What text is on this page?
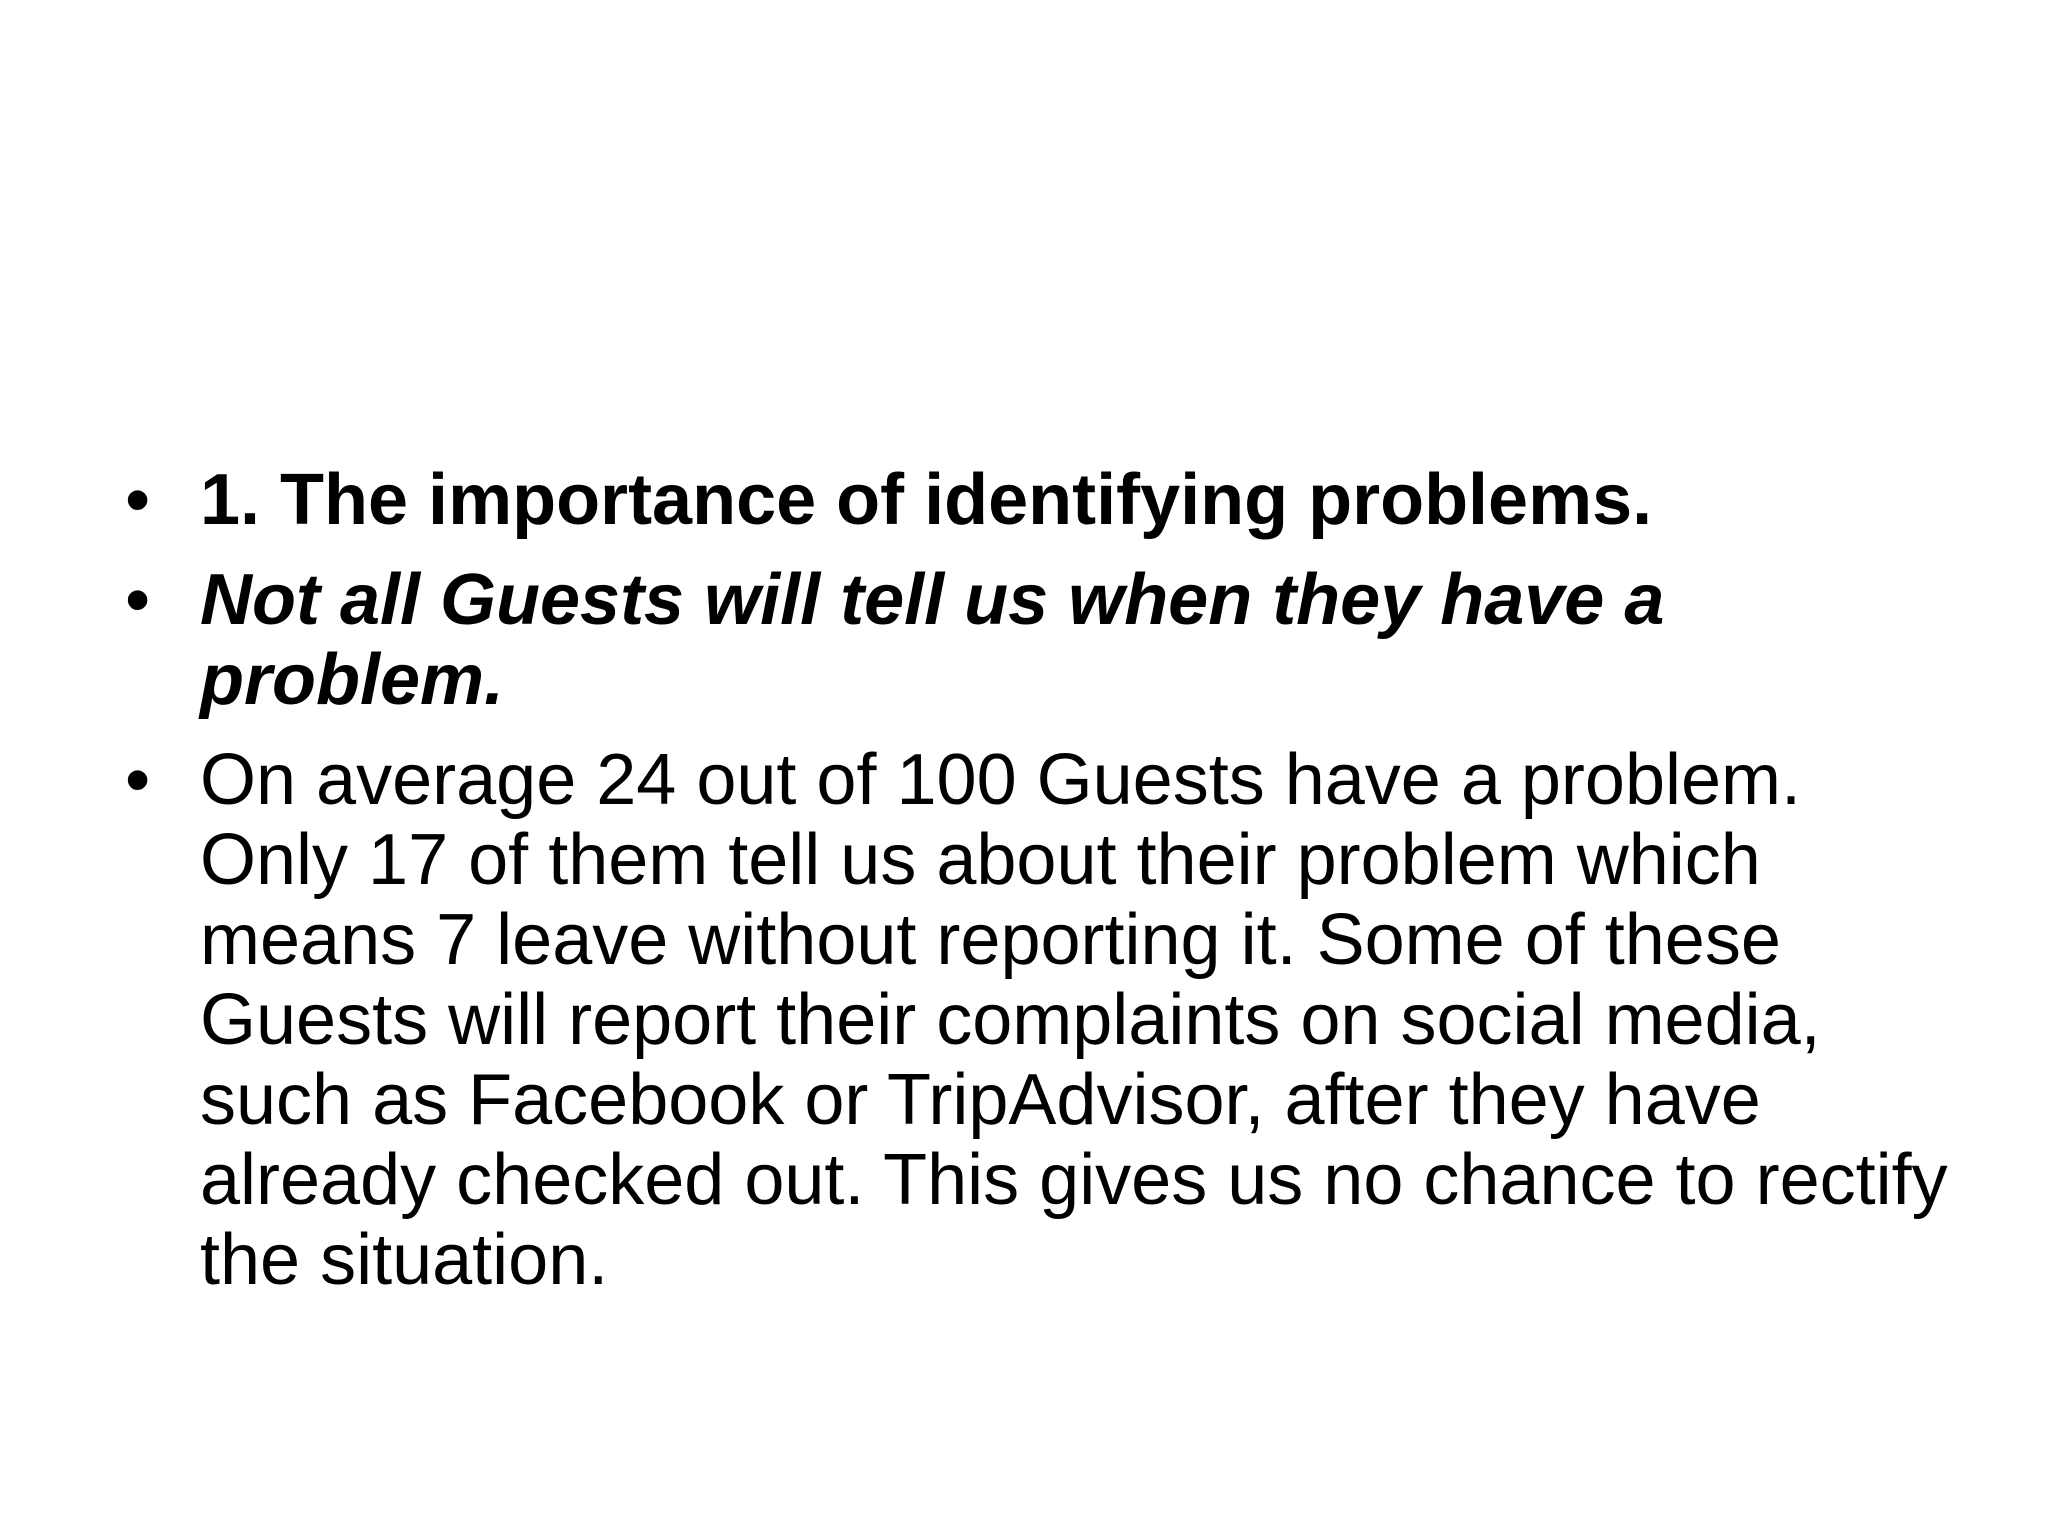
• 1. The importance of identifying problems.
• Not all Guests will tell us when they have a problem.
• On average 24 out of 100 Guests have a problem. Only 17 of them tell us about their problem which means 7 leave without reporting it. Some of these Guests will report their complaints on social media, such as Facebook or TripAdvisor, after they have already checked out. This gives us no chance to rectify the situation.
